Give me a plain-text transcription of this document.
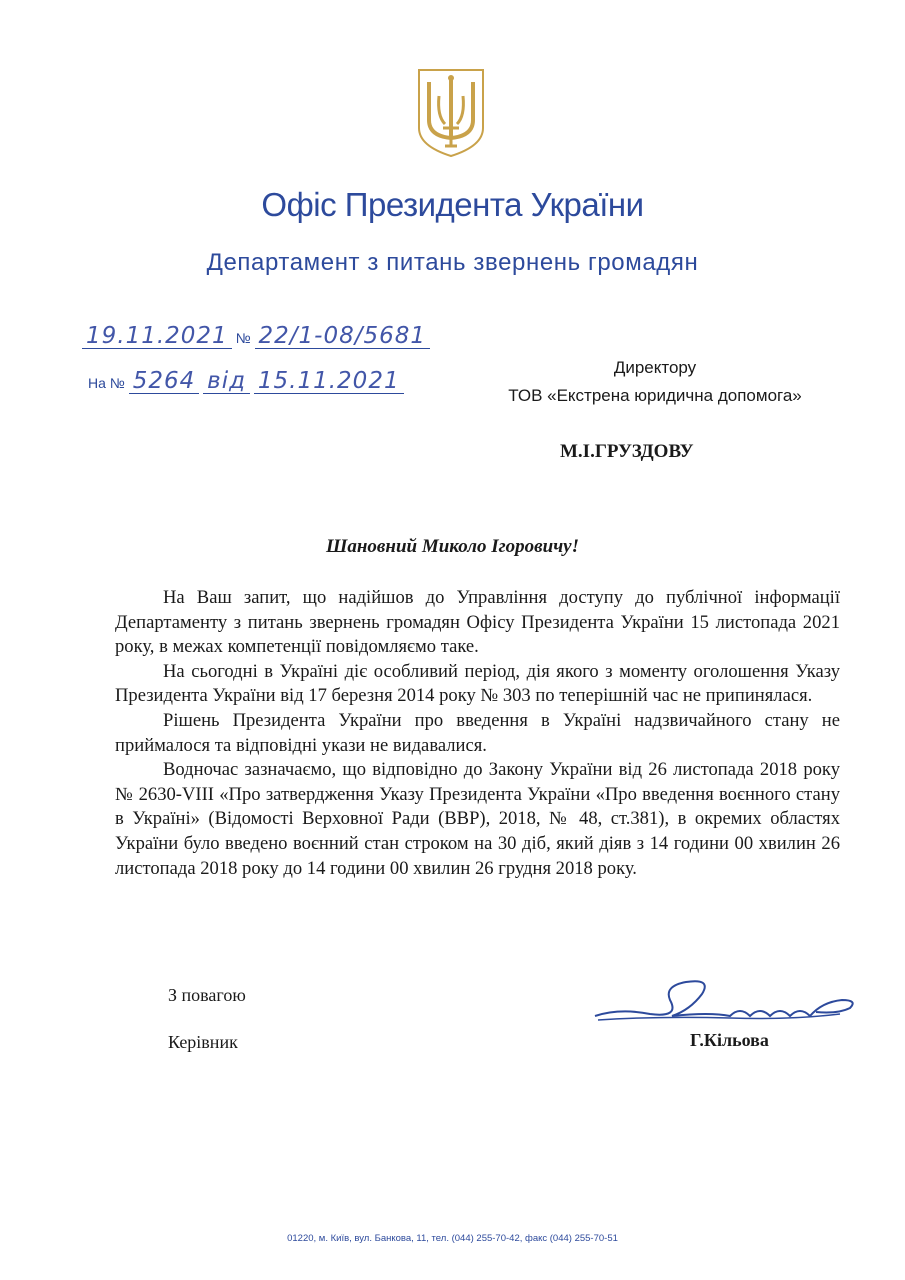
Офіс Президента України
Департамент з питань звернень громадян
19.11.2021 № 22/1-08/5681
На № 5264 від 15.11.2021
Директору
ТОВ «Екстрена юридична допомога»
М.І.ГРУЗДОВУ
Шановний Миколо Ігоровичу!

На Ваш запит, що надійшов до Управління доступу до публічної інформації Департаменту з питань звернень громадян Офісу Президента України 15 листопада 2021 року, в межах компетенції повідомляємо таке.

На сьогодні в Україні діє особливий період, дія якого з моменту оголошення Указу Президента України від 17 березня 2014 року № 303 по теперішній час не припинялася.

Рішень Президента України про введення в Україні надзвичайного стану не приймалося та відповідні укази не видавалися.

Водночас зазначаємо, що відповідно до Закону України від 26 листопада 2018 року № 2630-VIII «Про затвердження Указу Президента України «Про введення воєнного стану в Україні» (Відомості Верховної Ради (ВВР), 2018, № 48, ст.381), в окремих областях України було введено воєнний стан строком на 30 діб, який діяв з 14 години 00 хвилин 26 листопада 2018 року до 14 години 00 хвилин 26 грудня 2018 року.

З повагою
Керівник	Г.Кільова
01220, м. Київ, вул. Банкова, 11, тел. (044) 255-70-42, факс (044) 255-70-51
